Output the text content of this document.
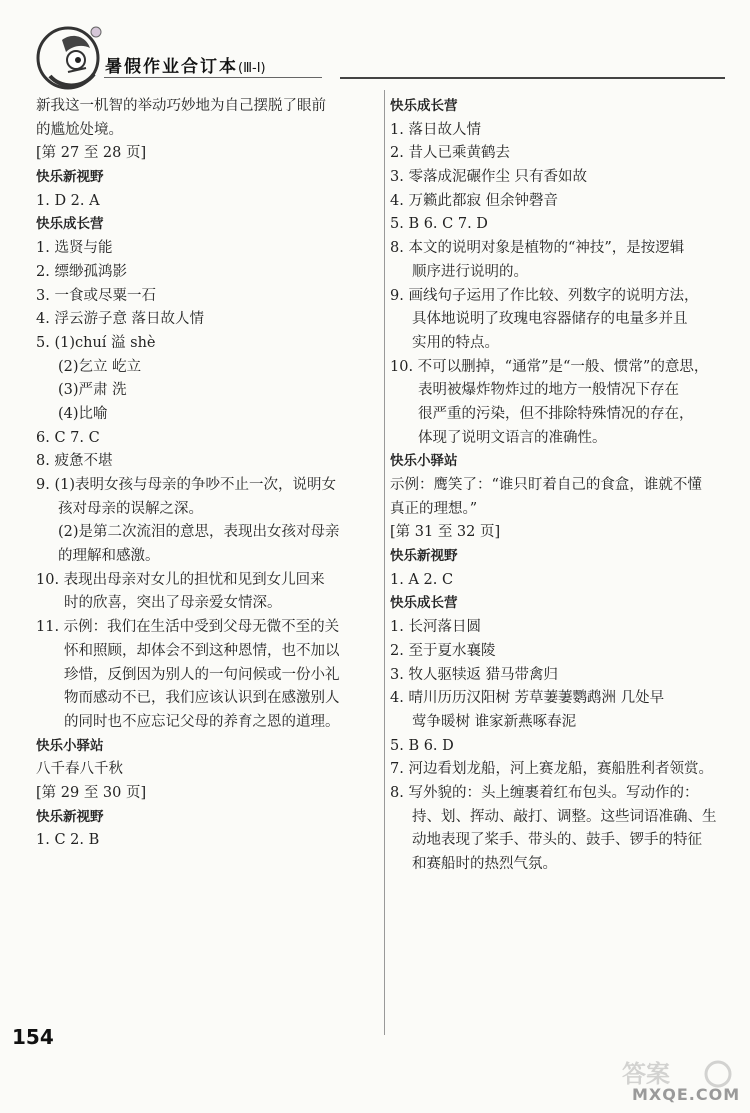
暑假作业合订本(Ⅲ-Ⅰ)
新我这一机智的举动巧妙地为自己摆脱了眼前
的尴尬处境。
[第 27 至 28 页]
快乐新视野
1. D 2. A
快乐成长营
1. 选贤与能
2. 缥缈孤鸿影
3. 一食或尽粟一石
4. 浮云游子意 落日故人情
5. (1)chuí 溢 shè
(2)乞立 屹立
(3)严肃 洗
(4)比喻
6. C 7. C
8. 疲惫不堪
9. (1)表明女孩与母亲的争吵不止一次，说明女
孩对母亲的误解之深。
(2)是第二次流泪的意思，表现出女孩对母亲
的理解和感激。
10. 表现出母亲对女儿的担忧和见到女儿回来
时的欣喜，突出了母亲爱女情深。
11. 示例：我们在生活中受到父母无微不至的关
怀和照顾，却体会不到这种恩情，也不加以
珍惜，反倒因为别人的一句问候或一份小礼
物而感动不已，我们应该认识到在感激别人
的同时也不应忘记父母的养育之恩的道理。
快乐小驿站
八千春八千秋
[第 29 至 30 页]
快乐新视野
1. C 2. B
快乐成长营
1. 落日故人情
2. 昔人已乘黄鹤去
3. 零落成泥碾作尘 只有香如故
4. 万籁此都寂 但余钟磬音
5. B 6. C 7. D
8. 本文的说明对象是植物的“神技”，是按逻辑
顺序进行说明的。
9. 画线句子运用了作比较、列数字的说明方法，
具体地说明了玫瑰电容器储存的电量多并且
实用的特点。
10. 不可以删掉，“通常”是“一般、惯常”的意思，
表明被爆炸物炸过的地方一般情况下存在
很严重的污染，但不排除特殊情况的存在，
体现了说明文语言的准确性。
快乐小驿站
示例：鹰笑了：“谁只盯着自己的食盒，谁就不懂
真正的理想。”
[第 31 至 32 页]
快乐新视野
1. A 2. C
快乐成长营
1. 长河落日圆
2. 至于夏水襄陵
3. 牧人驱犊返 猎马带禽归
4. 晴川历历汉阳树 芳草萋萋鹦鹉洲 几处早
莺争暖树 谁家新燕啄春泥
5. B 6. D
7. 河边看划龙船，河上赛龙船，赛船胜利者领赏。
8. 写外貌的：头上缠裹着红布包头。写动作的：
持、划、挥动、敲打、调整。这些词语准确、生
动地表现了桨手、带头的、鼓手、锣手的特征
和赛船时的热烈气氛。
154
答案
MXQE.COM
